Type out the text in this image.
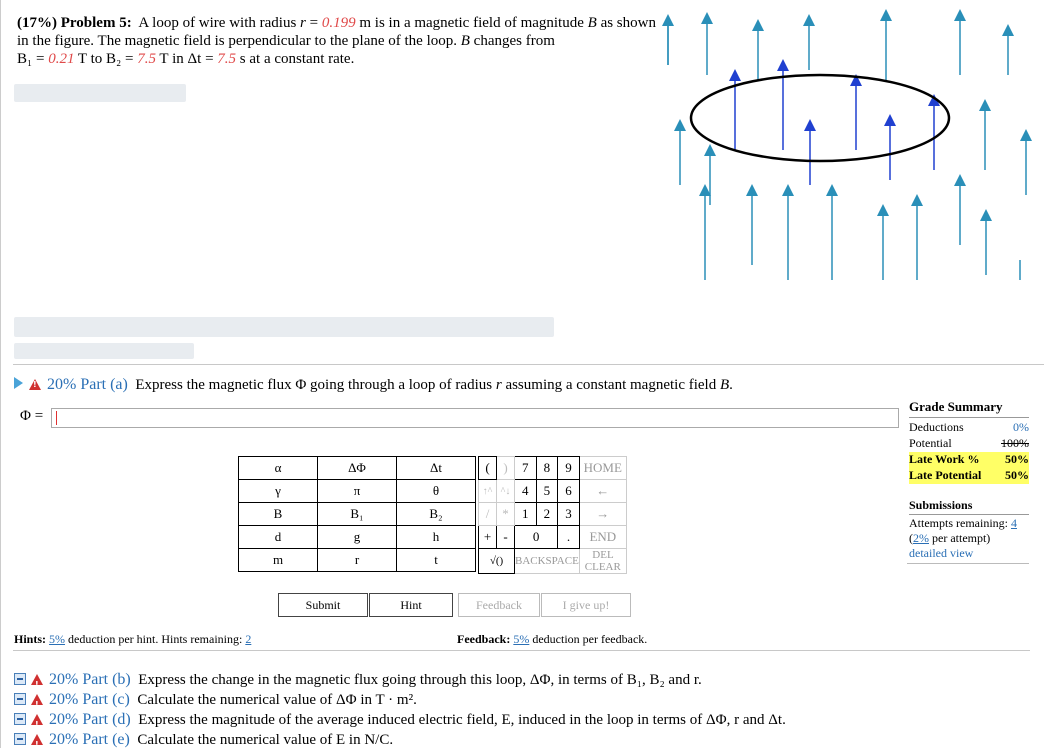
(17%) Problem 5: A loop of wire with radius r = 0.199 m is in a magnetic field of magnitude B as shown in the figure. The magnetic field is perpendicular to the plane of the loop. B changes from
B₁ = 0.21 T to B₂ = 7.5 T in Δt = 7.5 s at a constant rate.
!20% Part (a) Express the magnetic flux Φ going through a loop of radius r assuming a constant magnetic field B.
Φ =
α	ΔΦ	Δt
γ	π	θ
B	B₁	B₂
d	g	h
m	r	t
(	)	7	8	9	HOME
↑^	^↓	4	5	6	←
/	*	1	2	3	→
+	-	0		.	END
√()		BACKSPACE			DEL CLEAR
Submit	Hint	Feedback	I give up!
Hints: 5% deduction per hint. Hints remaining: 2	Feedback: 5% deduction per feedback.
Grade Summary
Deductions	0%
Potential	100%
Late Work % 50%
Late Potential 50%
Submissions
Attempts remaining: 4
(2% per attempt)
detailed view
!20% Part (b) Express the change in the magnetic flux going through this loop, ΔΦ, in terms of B₁, B₂ and r.
!20% Part (c) Calculate the numerical value of ΔΦ in T · m².
!20% Part (d) Express the magnitude of the average induced electric field, E, induced in the loop in terms of ΔΦ, r and Δt.
!20% Part (e) Calculate the numerical value of E in N/C.
